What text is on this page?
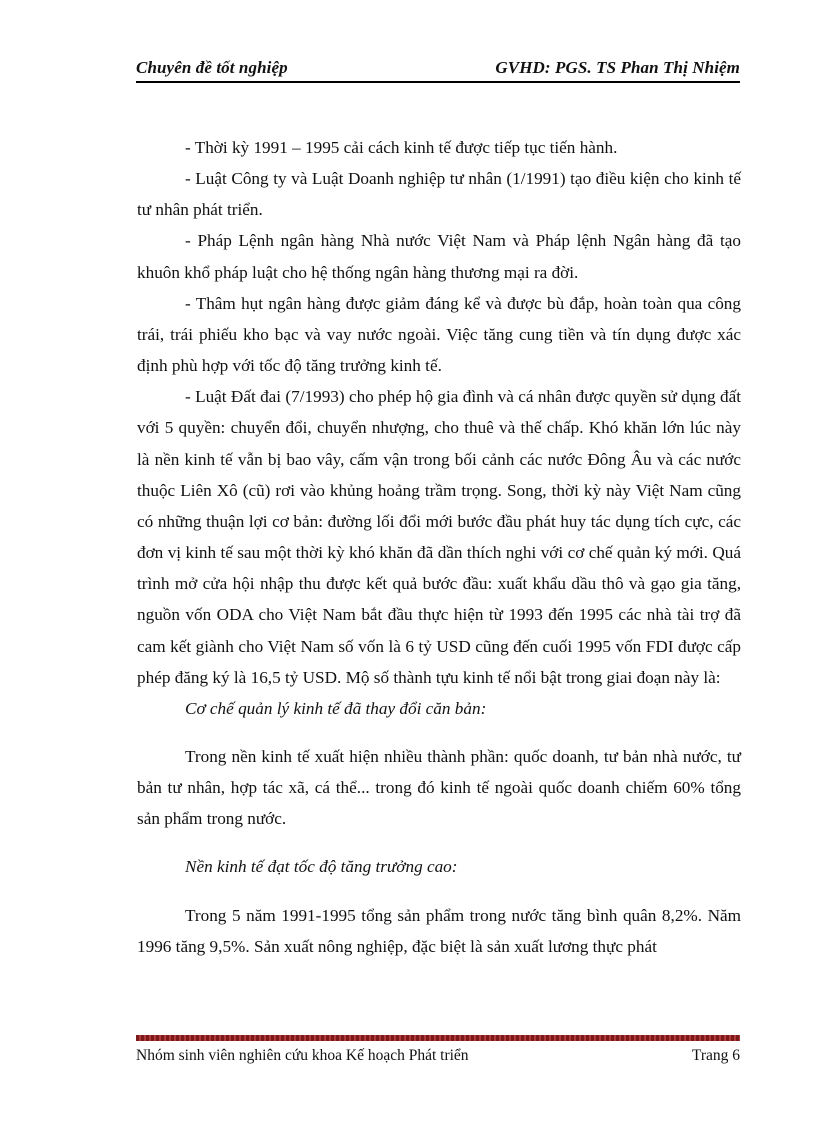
Chuyên đề tốt nghiệp	GVHD: PGS. TS Phan Thị Nhiệm

- Thời kỳ 1991 – 1995 cải cách kinh tế được tiếp tục tiến hành.

- Luật Công ty và Luật Doanh nghiệp tư nhân (1/1991) tạo điều kiện cho kinh tế tư nhân phát triển.

- Pháp Lệnh ngân hàng Nhà nước Việt Nam và Pháp lệnh Ngân hàng đã tạo khuôn khổ pháp luật cho hệ thống ngân hàng thương mại ra đời.

- Thâm hụt ngân hàng được giảm đáng kể và được bù đắp, hoàn toàn qua công trái, trái phiếu kho bạc và vay nước ngoài. Việc tăng cung tiền và tín dụng được xác định phù hợp với tốc độ tăng trưởng kinh tế.

- Luật Đất đai (7/1993) cho phép hộ gia đình và cá nhân được quyền sử dụng đất với 5 quyền: chuyển đổi, chuyển nhượng, cho thuê và thế chấp. Khó khăn lớn lúc này là nền kinh tế vẫn bị bao vây, cấm vận trong bối cảnh các nước Đông Âu và các nước thuộc Liên Xô (cũ) rơi vào khủng hoảng trầm trọng. Song, thời kỳ này Việt Nam cũng có những thuận lợi cơ bản: đường lối đổi mới bước đầu phát huy tác dụng tích cực, các đơn vị kinh tế sau một thời kỳ khó khăn đã dần thích nghi với cơ chế quản ký mới. Quá trình mở cửa hội nhập thu được kết quả bước đầu: xuất khẩu dầu thô và gạo gia tăng, nguồn vốn ODA cho Việt Nam bắt đầu thực hiện từ 1993 đến 1995 các nhà tài trợ đã cam kết giành cho Việt Nam số vốn là 6 tỷ USD cũng đến cuối 1995 vốn FDI được cấp phép đăng ký là 16,5 tỷ USD. Mộ số thành tựu kinh tế nổi bật trong giai đoạn này là:

Cơ chế quản lý kinh tế đã thay đổi căn bản:

Trong nền kinh tế xuất hiện nhiều thành phần: quốc doanh, tư bản nhà nước, tư bản tư nhân, hợp tác xã, cá thể... trong đó kinh tế ngoài quốc doanh chiếm 60% tổng sản phẩm trong nước.

Nền kinh tế đạt tốc độ tăng trưởng cao:

Trong 5 năm 1991-1995 tổng sản phẩm trong nước tăng bình quân 8,2%. Năm 1996 tăng 9,5%. Sản xuất nông nghiệp, đặc biệt là sản xuất lương thực phát

Nhóm sinh viên nghiên cứu khoa Kế hoạch Phát triển	Trang 6
